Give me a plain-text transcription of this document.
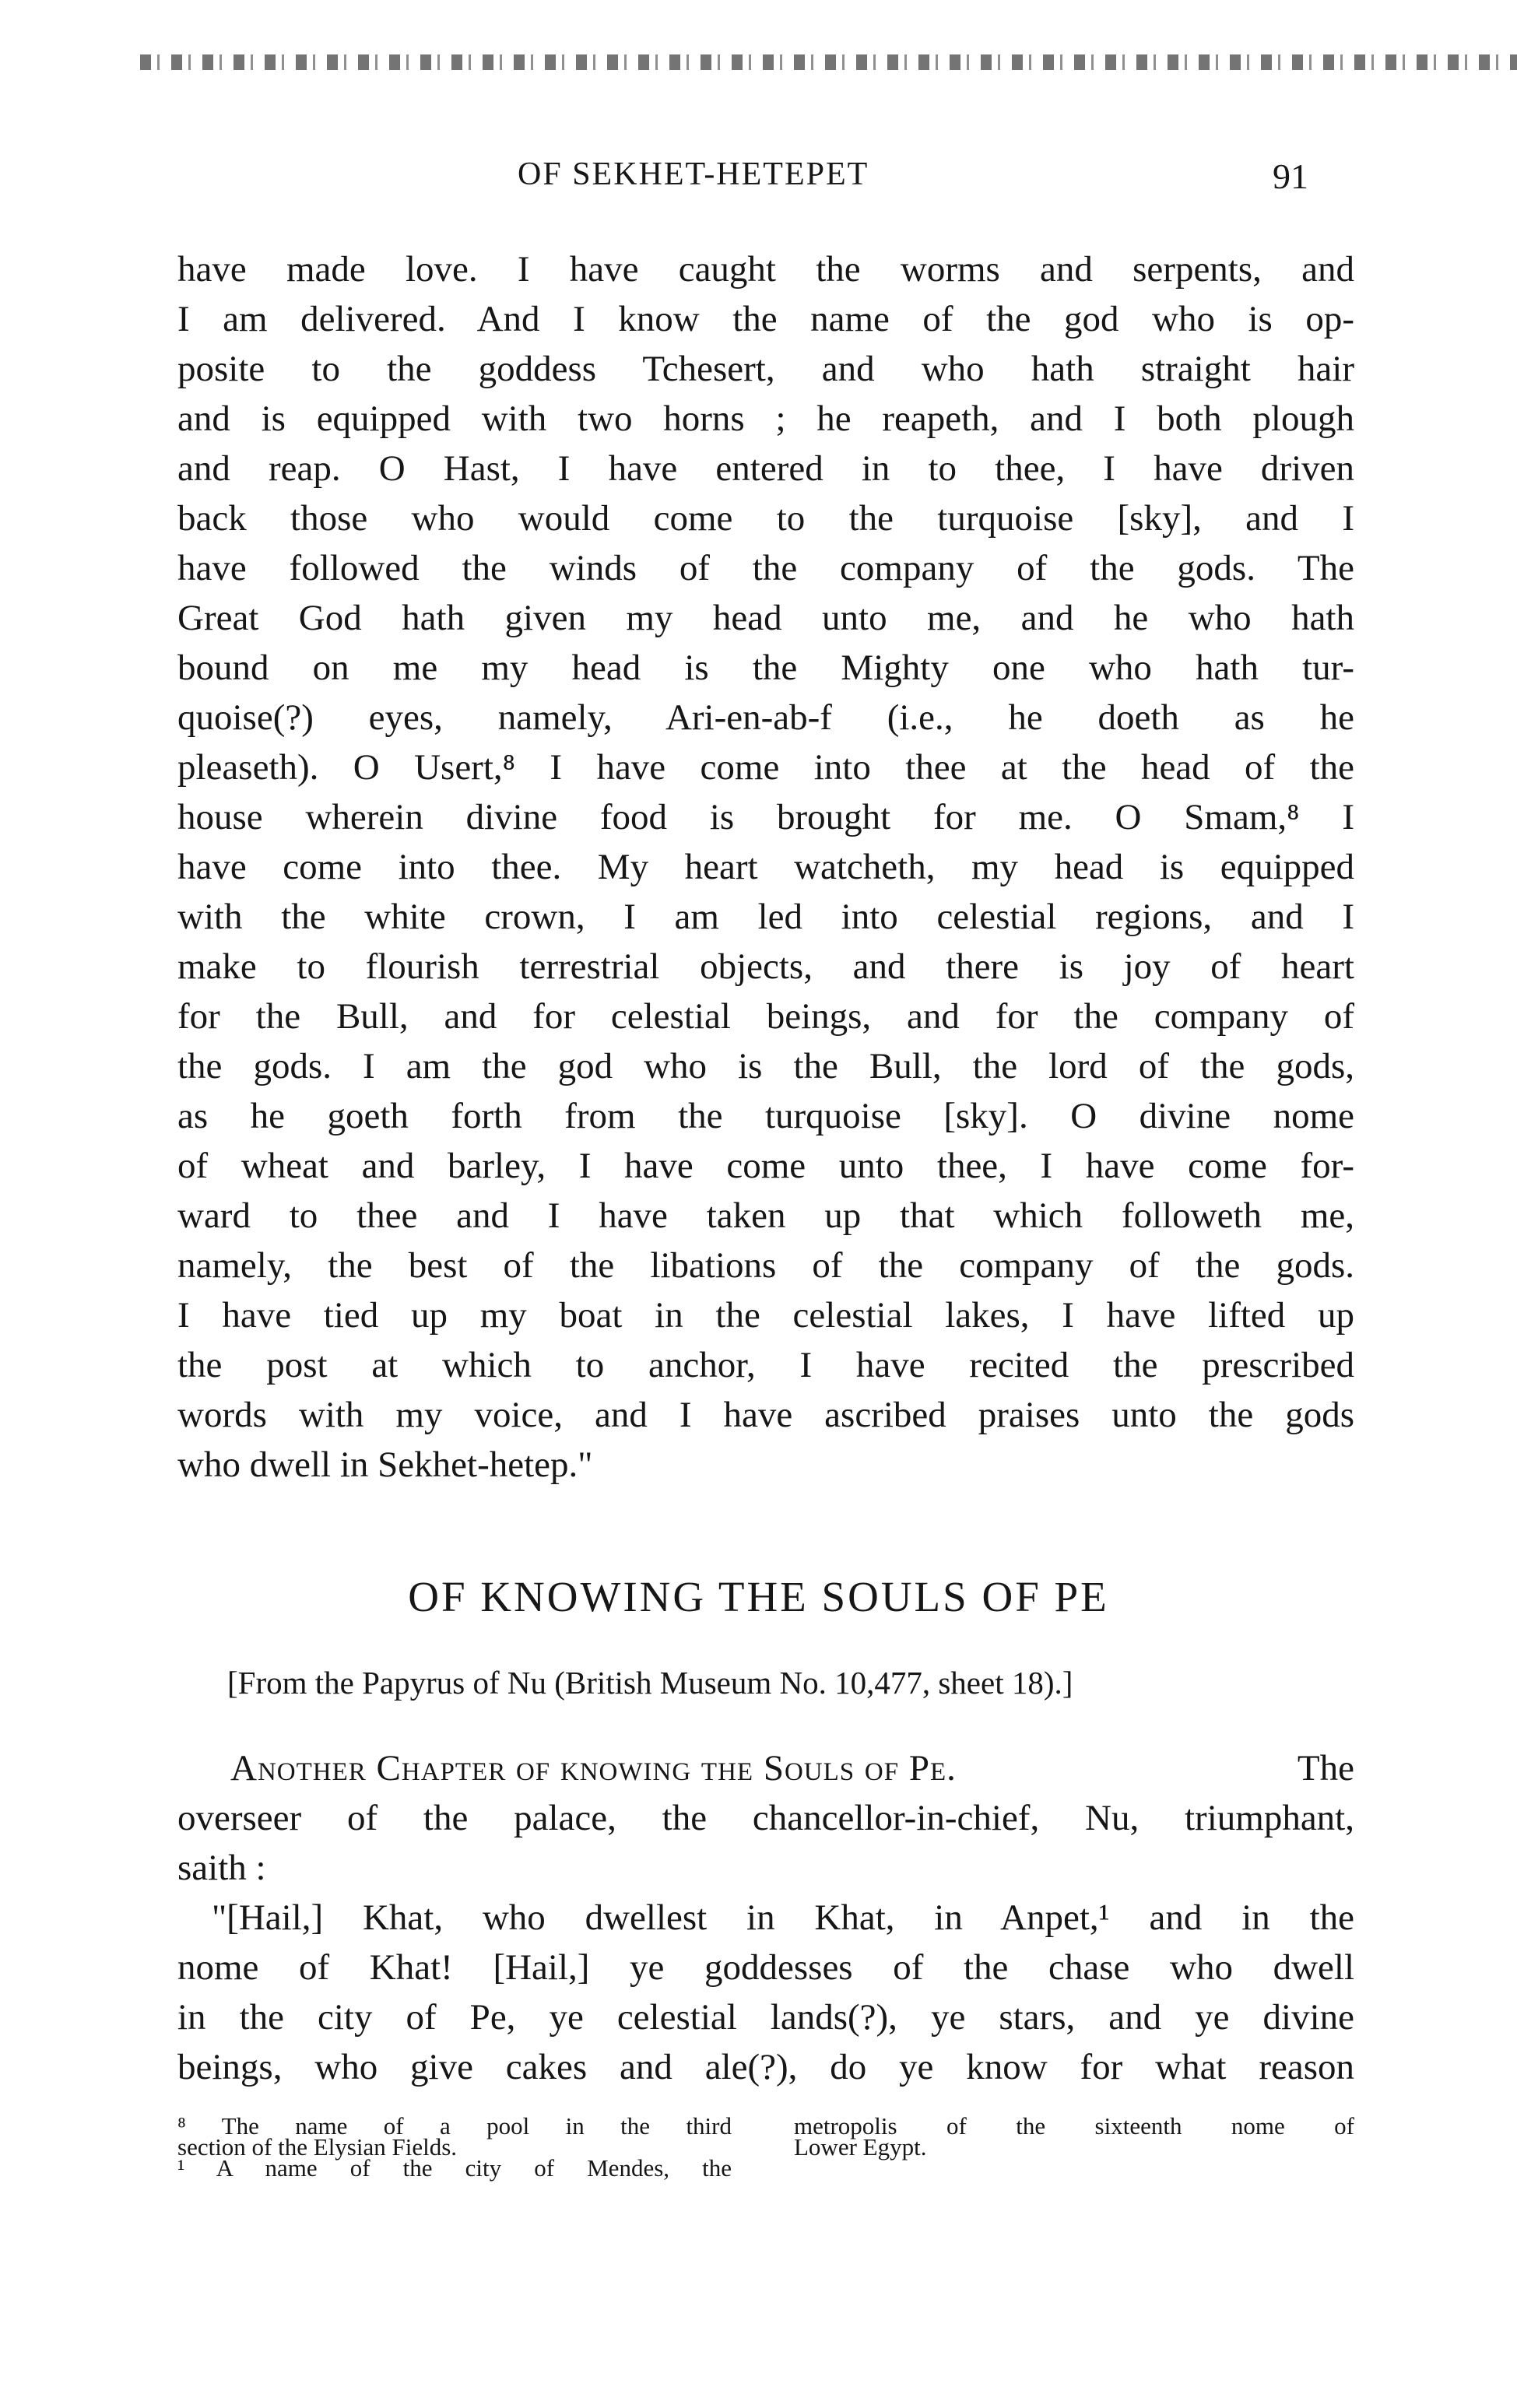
OF SEKHET-HETEPET	91
have made love. I have caught the worms and serpents, and
I am delivered. And I know the name of the god who is op-
posite to the goddess Tchesert, and who hath straight hair
and is equipped with two horns ; he reapeth, and I both plough
and reap. O Hast, I have entered in to thee, I have driven
back those who would come to the turquoise [sky], and I
have followed the winds of the company of the gods. The
Great God hath given my head unto me, and he who hath
bound on me my head is the Mighty one who hath tur-
quoise(?) eyes, namely, Ari-en-ab-f (i.e., he doeth as he
pleaseth). O Usert,⁸ I have come into thee at the head of the
house wherein divine food is brought for me. O Smam,⁸ I
have come into thee. My heart watcheth, my head is equipped
with the white crown, I am led into celestial regions, and I
make to flourish terrestrial objects, and there is joy of heart
for the Bull, and for celestial beings, and for the company of
the gods. I am the god who is the Bull, the lord of the gods,
as he goeth forth from the turquoise [sky]. O divine nome
of wheat and barley, I have come unto thee, I have come for-
ward to thee and I have taken up that which followeth me,
namely, the best of the libations of the company of the gods.
I have tied up my boat in the celestial lakes, I have lifted up
the post at which to anchor, I have recited the prescribed
words with my voice, and I have ascribed praises unto the gods
who dwell in Sekhet-hetep."
OF KNOWING THE SOULS OF PE
[From the Papyrus of Nu (British Museum No. 10,477, sheet 18).]
Another Chapter of knowing the Souls of Pe.	The
overseer of the palace, the chancellor-in-chief, Nu, triumphant,
saith :
"[Hail,] Khat, who dwellest in Khat, in Anpet,¹ and in the
nome of Khat! [Hail,] ye goddesses of the chase who dwell
in the city of Pe, ye celestial lands(?), ye stars, and ye divine
beings, who give cakes and ale(?), do ye know for what reason
⁸ The name of a pool in the third
section of the Elysian Fields.
¹ A name of the city of Mendes, the
metropolis of the sixteenth nome of
Lower Egypt.
